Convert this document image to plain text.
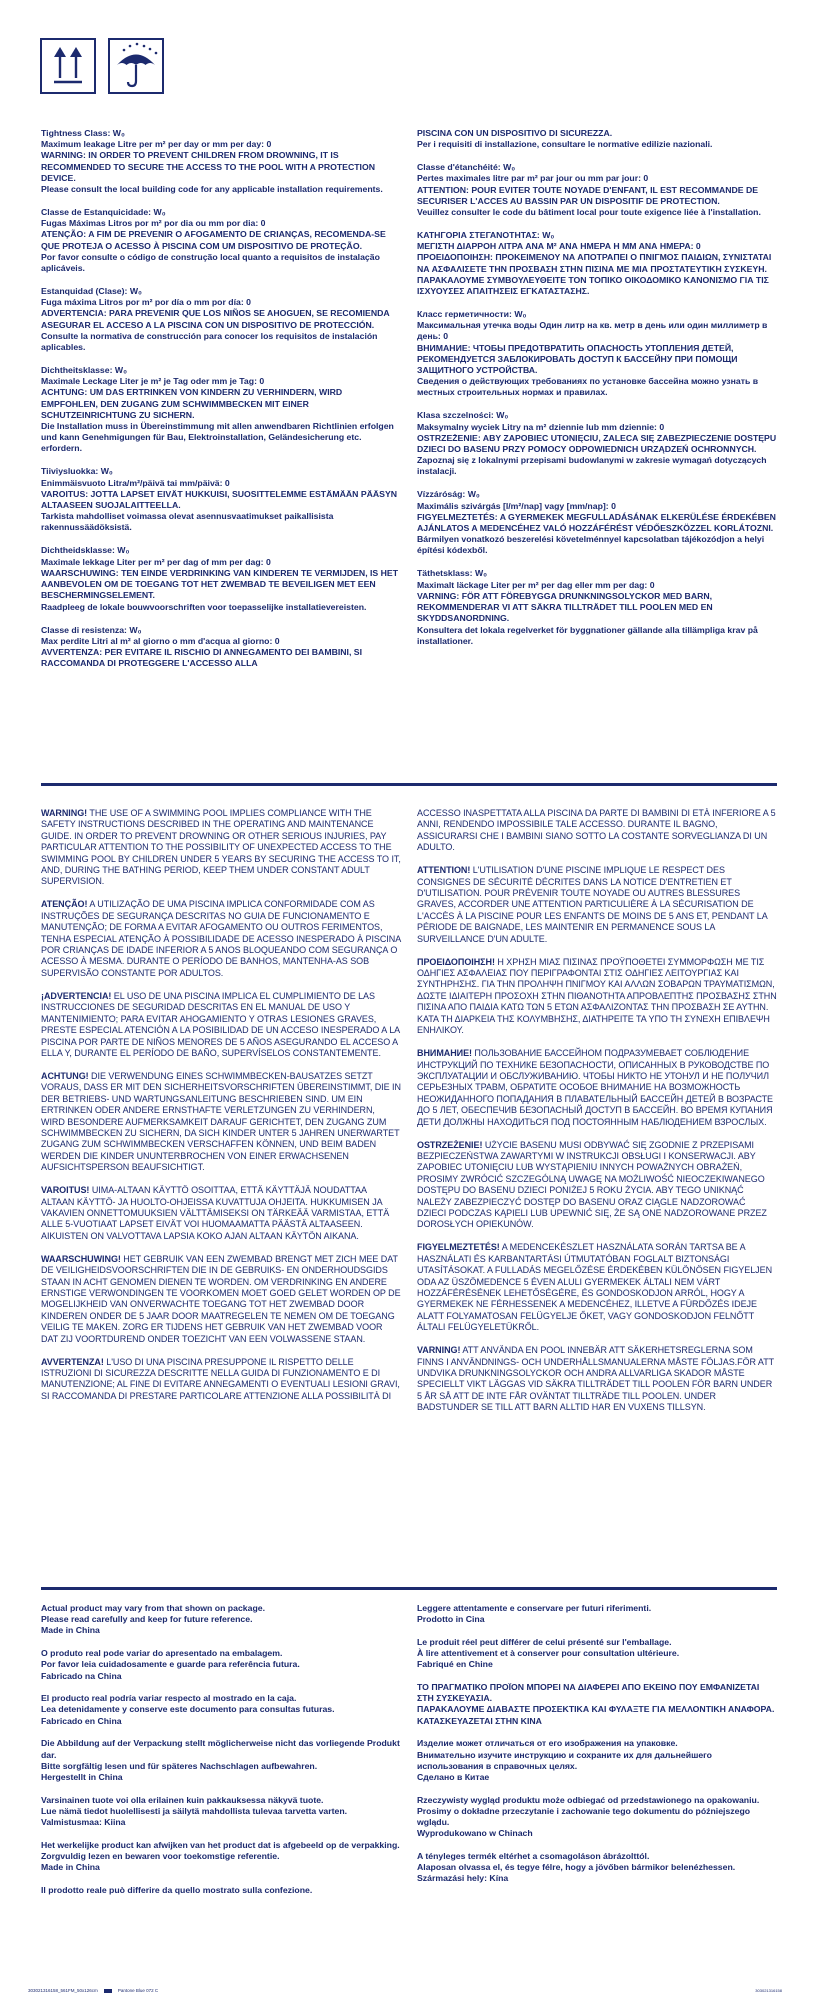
Tightness Class: W₀
Maximum leakage Litre per m² per day or mm per day: 0
WARNING: IN ORDER TO PREVENT CHILDREN FROM DROWNING, IT IS RECOMMENDED TO SECURE THE ACCESS TO THE POOL WITH A PROTECTION DEVICE.
Please consult the local building code for any applicable installation requirements.

Classe de Estanquicidade: W₀
Fugas Máximas Litros por m² por dia ou mm por dia: 0
ATENÇÃO: A FIM DE PREVENIR O AFOGAMENTO DE CRIANÇAS, RECOMENDA-SE QUE PROTEJA O ACESSO À PISCINA COM UM DISPOSITIVO DE PROTEÇÃO.
Por favor consulte o código de construção local quanto a requisitos de instalação aplicáveis.

Estanquidad (Clase): W₀
Fuga máxima Litros por m² por día o mm por día: 0
ADVERTENCIA: PARA PREVENIR QUE LOS NIÑOS SE AHOGUEN, SE RECOMIENDA ASEGURAR EL ACCESO A LA PISCINA CON UN DISPOSITIVO DE PROTECCIÓN.
Consulte la normativa de construcción para conocer los requisitos de instalación aplicables.

Dichtheitsklasse: W₀
Maximale Leckage Liter je m² je Tag oder mm je Tag: 0
ACHTUNG: UM DAS ERTRINKEN VON KINDERN ZU VERHINDERN, WIRD EMPFOHLEN, DEN ZUGANG ZUM SCHWIMMBECKEN MIT EINER SCHUTZEINRICHTUNG ZU SICHERN.
Die Installation muss in Übereinstimmung mit allen anwendbaren Richtlinien erfolgen und kann Genehmigungen für Bau, Elektroinstallation, Geländesicherung etc. erfordern.

Tiiviysluokka: W₀
Enimmäisvuoto Litra/m²/päivä tai mm/päivä: 0
VAROITUS: JOTTA LAPSET EIVÄT HUKKUISI, SUOSITTELEMME ESTÄMÄÄN PÄÄSYN ALTAASEEN SUOJALAITTEELLA.
Tarkista mahdolliset voimassa olevat asennusvaatimukset paikallisista rakennussäädöksistä.

Dichtheidsklasse: W₀
Maximale lekkage Liter per m² per dag of mm per dag: 0
WAARSCHUWING: TEN EINDE VERDRINKING VAN KINDEREN TE VERMIJDEN, IS HET AANBEVOLEN OM DE TOEGANG TOT HET ZWEMBAD TE BEVEILIGEN MET EEN BESCHERMINGSELEMENT.
Raadpleeg de lokale bouwvoorschriften voor toepasselijke installatievereisten.

Classe di resistenza: W₀
Max perdite Litri al m² al giorno o mm d'acqua al giorno: 0
AVVERTENZA: PER EVITARE IL RISCHIO DI ANNEGAMENTO DEI BAMBINI, SI RACCOMANDA DI PROTEGGERE L'ACCESSO ALLA

PISCINA CON UN DISPOSITIVO DI SICUREZZA.
Per i requisiti di installazione, consultare le normative edilizie nazionali.

Classe d'étanchéité: W₀
Pertes maximales litre par m² par jour ou mm par jour: 0
ATTENTION: POUR EVITER TOUTE NOYADE D'ENFANT, IL EST RECOMMANDE DE SECURISER L'ACCES AU BASSIN PAR UN DISPOSITIF DE PROTECTION.
Veuillez consulter le code du bâtiment local pour toute exigence liée à l'installation.

ΚΑΤΗΓΟΡΙΑ ΣΤΕΓΑΝΟΤΗΤΑΣ: W₀
ΜΕΓΙΣΤΗ ΔΙΑΡΡΟΗ ΛΙΤΡΑ ΑΝΑ M² ΑΝΑ ΗΜΕΡΑ Η ΜΜ ΑΝΑ ΗΜΕΡΑ: 0
ΠΡΟΕΙΔΟΠΟΙΗΣΗ: ΠΡΟΚΕΙΜΕΝΟΥ ΝΑ ΑΠΟΤΡΑΠΕΙ Ο ΠΝΙΓΜΟΣ ΠΑΙΔΙΩΝ, ΣΥΝΙΣΤΑΤΑΙ ΝΑ ΑΣΦΑΛΙΣΕΤΕ ΤΗΝ ΠΡΟΣΒΑΣΗ ΣΤΗΝ ΠΙΣΙΝΑ ΜΕ ΜΙΑ ΠΡΟΣΤΑΤΕΥΤΙΚΗ ΣΥΣΚΕΥΗ.
ΠΑΡΑΚΑΛΟΥΜΕ ΣΥΜΒΟΥΛΕΥΘΕΙΤΕ ΤΟΝ ΤΟΠΙΚΟ ΟΙΚΟΔΟΜΙΚΟ ΚΑΝΟΝΙΣΜΟ ΓΙΑ ΤΙΣ ΙΣΧΥΟΥΣΕΣ ΑΠΑΙΤΗΣΕΙΣ ΕΓΚΑΤΑΣΤΑΣΗΣ.

Класс герметичности: W₀
Максимальная утечка воды Один литр на кв. метр в день или один миллиметр в день: 0
ВНИМАНИЕ: ЧТОБЫ ПРЕДОТВРАТИТЬ ОПАСНОСТЬ УТОПЛЕНИЯ ДЕТЕЙ, РЕКОМЕНДУЕТСЯ ЗАБЛОКИРОВАТЬ ДОСТУП К БАССЕЙНУ ПРИ ПОМОЩИ ЗАЩИТНОГО УСТРОЙСТВА.
Сведения о действующих требованиях по установке бассейна можно узнать в местных строительных нормах и правилах.

Klasa szczelności: W₀
Maksymalny wyciek Litry na m² dziennie lub mm dziennie: 0
OSTRZEŻENIE: ABY ZAPOBIEC UTONIĘCIU, ZALECA SIĘ ZABEZPIECZENIE DOSTĘPU DZIECI DO BASENU PRZY POMOCY ODPOWIEDNICH URZĄDZEŃ OCHRONNYCH.
Zapoznaj się z lokalnymi przepisami budowlanymi w zakresie wymagań dotyczących instalacji.

Vízzáróság: W₀
Maximális szivárgás [l/m²/nap] vagy [mm/nap]: 0
FIGYELMEZTETÉS: A GYERMEKEK MEGFULLADÁSÁNAK ELKERÜLÉSE ÉRDEKÉBEN AJÁNLATOS A MEDENCÉHEZ VALÓ HOZZÁFÉRÉST VÉDŐESZKÖZZEL KORLÁTOZNI.
Bármilyen vonatkozó beszerelési követelménnyel kapcsolatban tájékozódjon a helyi építési kódexből.

Täthetsklass: W₀
Maximalt läckage Liter per m² per dag eller mm per dag: 0
VARNING: FÖR ATT FÖREBYGGA DRUNKNINGSOLYCKOR MED BARN, REKOMMENDERAR VI ATT SÄKRA TILLTRÄDET TILL POOLEN MED EN SKYDDSANORDNING.
Konsultera det lokala regelverket för byggnationer gällande alla tillämpliga krav på installationer.

WARNING! THE USE OF A SWIMMING POOL IMPLIES COMPLIANCE WITH THE SAFETY INSTRUCTIONS DESCRIBED IN THE OPERATING AND MAINTENANCE GUIDE. IN ORDER TO PREVENT DROWNING OR OTHER SERIOUS INJURIES, PAY PARTICULAR ATTENTION TO THE POSSIBILITY OF UNEXPECTED ACCESS TO THE SWIMMING POOL BY CHILDREN UNDER 5 YEARS BY SECURING THE ACCESS TO IT, AND, DURING THE BATHING PERIOD, KEEP THEM UNDER CONSTANT ADULT SUPERVISION.

ATENÇÃO! A UTILIZAÇÃO DE UMA PISCINA IMPLICA CONFORMIDADE COM AS INSTRUÇÕES DE SEGURANÇA DESCRITAS NO GUIA DE FUNCIONAMENTO E MANUTENÇÃO; DE FORMA A EVITAR AFOGAMENTO OU OUTROS FERIMENTOS, TENHA ESPECIAL ATENÇÃO À POSSIBILIDADE DE ACESSO INESPERADO À PISCINA POR CRIANÇAS DE IDADE INFERIOR A 5 ANOS BLOQUEANDO COM SEGURANÇA O ACESSO À MESMA. DURANTE O PERÍODO DE BANHOS, MANTENHA-AS SOB SUPERVISÃO CONSTANTE POR ADULTOS.

¡ADVERTENCIA! EL USO DE UNA PISCINA IMPLICA EL CUMPLIMIENTO DE LAS INSTRUCCIONES DE SEGURIDAD DESCRITAS EN EL MANUAL DE USO Y MANTENIMIENTO; PARA EVITAR AHOGAMIENTO Y OTRAS LESIONES GRAVES, PRESTE ESPECIAL ATENCIÓN A LA POSIBILIDAD DE UN ACCESO INESPERADO A LA PISCINA POR PARTE DE NIÑOS MENORES DE 5 AÑOS ASEGURANDO EL ACCESO A ELLA Y, DURANTE EL PERÍODO DE BAÑO, SUPERVÍSELOS CONSTANTEMENTE.

ACHTUNG! DIE VERWENDUNG EINES SCHWIMMBECKEN-BAUSATZES SETZT VORAUS, DASS ER MIT DEN SICHERHEITSVORSCHRIFTEN ÜBEREINSTIMMT, DIE IN DER BETRIEBS- UND WARTUNGSANLEITUNG BESCHRIEBEN SIND. UM EIN ERTRINKEN ODER ANDERE ERNSTHAFTE VERLETZUNGEN ZU VERHINDERN, WIRD BESONDERE AUFMERKSAMKEIT DARAUF GERICHTET, DEN ZUGANG ZUM SCHWIMMBECKEN ZU SICHERN, DA SICH KINDER UNTER 5 JAHREN UNERWARTET ZUGANG ZUM SCHWIMMBECKEN VERSCHAFFEN KÖNNEN, UND BEIM BADEN WERDEN DIE KINDER UNUNTERBROCHEN VON EINER ERWACHSENEN AUFSICHTSPERSON BEAUFSICHTIGT.

VAROITUS! UIMA-ALTAAN KÄYTTÖ OSOITTAA, ETTÄ KÄYTTÄJÄ NOUDATTAA ALTAAN KÄYTTÖ- JA HUOLTO-OHJEISSA KUVATTUJA OHJEITA. HUKKUMISEN JA VAKAVIEN ONNETTOMUUKSIEN VÄLTTÄMISEKSI ON TÄRKEÄÄ VARMISTAA, ETTÄ ALLE 5-VUOTIAAT LAPSET EIVÄT VOI HUOMAAMATTA PÄÄSTÄ ALTAASEEN. AIKUISTEN ON VALVOTTAVA LAPSIA KOKO AJAN ALTAAN KÄYTÖN AIKANA.

WAARSCHUWING! HET GEBRUIK VAN EEN ZWEMBAD BRENGT MET ZICH MEE DAT DE VEILIGHEIDSVOORSCHRIFTEN DIE IN DE GEBRUIKS- EN ONDERHOUDSGIDS STAAN IN ACHT GENOMEN DIENEN TE WORDEN. OM VERDRINKING EN ANDERE ERNSTIGE VERWONDINGEN TE VOORKOMEN MOET GOED GELET WORDEN OP DE MOGELIJKHEID VAN ONVERWACHTE TOEGANG TOT HET ZWEMBAD DOOR KINDEREN ONDER DE 5 JAAR DOOR MAATREGELEN TE NEMEN OM DE TOEGANG VEILIG TE MAKEN. ZORG ER TIJDENS HET GEBRUIK VAN HET ZWEMBAD VOOR DAT ZIJ VOORTDUREND ONDER TOEZICHT VAN EEN VOLWASSENE STAAN.

AVVERTENZA! L'USO DI UNA PISCINA PRESUPPONE IL RISPETTO DELLE ISTRUZIONI DI SICUREZZA DESCRITTE NELLA GUIDA DI FUNZIONAMENTO E DI MANUTENZIONE; AL FINE DI EVITARE ANNEGAMENTI O EVENTUALI LESIONI GRAVI, SI RACCOMANDA DI PRESTARE PARTICOLARE ATTENZIONE ALLA POSSIBILITÀ DI

ACCESSO INASPETTATA ALLA PISCINA DA PARTE DI BAMBINI DI ETÀ INFERIORE A 5 ANNI, RENDENDO IMPOSSIBILE TALE ACCESSO. DURANTE IL BAGNO, ASSICURARSI CHE I BAMBINI SIANO SOTTO LA COSTANTE SORVEGLIANZA DI UN ADULTO.

ATTENTION! L'UTILISATION D'UNE PISCINE IMPLIQUE LE RESPECT DES CONSIGNES DE SÉCURITÉ DÉCRITES DANS LA NOTICE D'ENTRETIEN ET D'UTILISATION. POUR PRÉVENIR TOUTE NOYADE OU AUTRES BLESSURES GRAVES, ACCORDER UNE ATTENTION PARTICULIÈRE À LA SÉCURISATION DE L'ACCÈS À LA PISCINE POUR LES ENFANTS DE MOINS DE 5 ANS ET, PENDANT LA PÉRIODE DE BAIGNADE, LES MAINTENIR EN PERMANENCE SOUS LA SURVEILLANCE D'UN ADULTE.

ΠΡΟΕΙΔΟΠΟΙΗΣΗ! Η ΧΡΗΣΗ ΜΙΑΣ ΠΙΣΙΝΑΣ ΠΡΟΫΠΟΘΕΤΕΙ ΣΥΜΜΟΡΦΩΣΗ ΜΕ ΤΙΣ ΟΔΗΓΙΕΣ ΑΣΦΑΛΕΙΑΣ ΠΟΥ ΠΕΡΙΓΡΑΦΟΝΤΑΙ ΣΤΙΣ ΟΔΗΓΙΕΣ ΛΕΙΤΟΥΡΓΙΑΣ ΚΑΙ ΣΥΝΤΗΡΗΣΗΣ. ΓΙΑ ΤΗΝ ΠΡΟΛΗΨΗ ΠΝΙΓΜΟΥ ΚΑΙ ΑΛΛΩΝ ΣΟΒΑΡΩΝ ΤΡΑΥΜΑΤΙΣΜΩΝ, ΔΩΣΤΕ ΙΔΙΑΙΤΕΡΗ ΠΡΟΣΟΧΗ ΣΤΗΝ ΠΙΘΑΝΟΤΗΤΑ ΑΠΡΟΒΛΕΠΤΗΣ ΠΡΟΣΒΑΣΗΣ ΣΤΗΝ ΠΙΣΙΝΑ ΑΠΟ ΠΑΙΔΙΑ ΚΑΤΩ ΤΩΝ 5 ΕΤΩΝ ΑΣΦΑΛΙΖΟΝΤΑΣ ΤΗΝ ΠΡΟΣΒΑΣΗ ΣΕ ΑΥΤΗΝ. ΚΑΤΑ ΤΗ ΔΙΑΡΚΕΙΑ ΤΗΣ ΚΟΛΥΜΒΗΣΗΣ, ΔΙΑΤΗΡΕΙΤΕ ΤΑ ΥΠΟ ΤΗ ΣΥΝΕΧΗ ΕΠΙΒΛΕΨΗ ΕΝΗΛΙΚΟΥ.

ВНИМАНИЕ! ПОЛЬЗОВАНИЕ БАССЕЙНОМ ПОДРАЗУМЕВАЕТ СОБЛЮДЕНИЕ ИНСТРУКЦИЙ ПО ТЕХНИКЕ БЕЗОПАСНОСТИ, ОПИСАННЫХ В РУКОВОДСТВЕ ПО ЭКСПЛУАТАЦИИ И ОБСЛУЖИВАНИЮ. ЧТОБЫ НИКТО НЕ УТОНУЛ И НЕ ПОЛУЧИЛ СЕРЬЕЗНЫХ ТРАВМ, ОБРАТИТЕ ОСОБОЕ ВНИМАНИЕ НА ВОЗМОЖНОСТЬ НЕОЖИДАННОГО ПОПАДАНИЯ В ПЛАВАТЕЛЬНЫЙ БАССЕЙН ДЕТЕЙ В ВОЗРАСТЕ ДО 5 ЛЕТ, ОБЕСПЕЧИВ БЕЗОПАСНЫЙ ДОСТУП В БАССЕЙН. ВО ВРЕМЯ КУПАНИЯ ДЕТИ ДОЛЖНЫ НАХОДИТЬСЯ ПОД ПОСТОЯННЫМ НАБЛЮДЕНИЕМ ВЗРОСЛЫХ.

OSTRZEŻENIE! UŻYCIE BASENU MUSI ODBYWAĆ SIĘ ZGODNIE Z PRZEPISAMI BEZPIECZEŃSTWA ZAWARTYMI W INSTRUKCJI OBSŁUGI I KONSERWACJI. ABY ZAPOBIEC UTONIĘCIU LUB WYSTĄPIENIU INNYCH POWAŻNYCH OBRAŻEŃ, PROSIMY ZWRÓCIĆ SZCZEGÓLNĄ UWAGĘ NA MOŻLIWOŚĆ NIEOCZEKIWANEGO DOSTĘPU DO BASENU DZIECI PONIŻEJ 5 ROKU ŻYCIA. ABY TEGO UNIKNĄĆ NALEŻY ZABEZPIECZYĆ DOSTĘP DO BASENU ORAZ CIĄGLE NADZOROWAĆ DZIECI PODCZAS KĄPIELI LUB UPEWNIĆ SIĘ, ŻE SĄ ONE NADZOROWANE PRZEZ DOROSŁYCH OPIEKUNÓW.

FIGYELMEZTETÉS! A MEDENCEKÉSZLET HASZNÁLATA SORÁN TARTSA BE A HASZNÁLATI ÉS KARBANTARTÁSI ÚTMUTATÓBAN FOGLALT BIZTONSÁGI UTASÍTÁSOKAT. A FULLADÁS MEGELŐZÉSE ÉRDEKÉBEN KÜLÖNÖSEN FIGYELJEN ODA AZ ÜSZÖMEDENCE 5 ÉVEN ALULI GYERMEKEK ÁLTALI NEM VÁRT HOZZÁFÉRÉSÉNEK LEHETŐSÉGÉRE, ÉS GONDOSKODJON ARRÓL, HOGY A GYERMEKEK NE FÉRHESSENEK A MEDENCÉHEZ, ILLETVE A FÜRDŐZÉS IDEJE ALATT FOLYAMATOSAN FELÜGYELJE ŐKET, VAGY GONDOSKODJON FELNŐTT ÁLTALI FELÜGYELETÜKRŐL.

VARNING! ATT ANVÄNDA EN POOL INNEBÄR ATT SÄKERHETSREGLERNA SOM FINNS I ANVÄNDNINGS- OCH UNDERHÅLLSMANUALERNA MÅSTE FÖLJAS.FÖR ATT UNDVIKA DRUNKNINGSOLYCKOR OCH ANDRA ALLVARLIGA SKADOR MÅSTE SPECIELLT VIKT LÄGGAS VID SÄKRA TILLTRÄDET TILL POOLEN FÖR BARN UNDER 5 ÅR SÅ ATT DE INTE FÅR OVÄNTAT TILLTRÄDE TILL POOLEN. UNDER BADSTUNDER SE TILL ATT BARN ALLTID HAR EN VUXENS TILLSYN.

Actual product may vary from that shown on package.
Please read carefully and keep for future reference.
Made in China

O produto real pode variar do apresentado na embalagem.
Por favor leia cuidadosamente e guarde para referência futura.
Fabricado na China

El producto real podría variar respecto al mostrado en la caja.
Lea detenidamente y conserve este documento para consultas futuras.
Fabricado en China

Die Abbildung auf der Verpackung stellt möglicherweise nicht das vorliegende Produkt dar.
Bitte sorgfältig lesen und für späteres Nachschlagen aufbewahren.
Hergestellt in China

Varsinainen tuote voi olla erilainen kuin pakkauksessa näkyvä tuote.
Lue nämä tiedot huolellisesti ja säilytä mahdollista tulevaa tarvetta varten.
Valmistusmaa: Kiina

Het werkelijke product kan afwijken van het product dat is afgebeeld op de verpakking.
Zorgvuldig lezen en bewaren voor toekomstige referentie.
Made in China

Il prodotto reale può differire da quello mostrato sulla confezione.

Leggere attentamente e conservare per futuri riferimenti.
Prodotto in Cina

Le produit réel peut différer de celui présenté sur l'emballage.
À lire attentivement et à conserver pour consultation ultérieure.
Fabriqué en Chine

ΤΟ ΠΡΑΓΜΑΤΙΚΟ ΠΡΟΪΟΝ ΜΠΟΡΕΙ ΝΑ ΔΙΑΦΕΡΕΙ ΑΠΟ ΕΚΕΙΝΟ ΠΟΥ ΕΜΦΑΝΙΖΕΤΑΙ ΣΤΗ ΣΥΣΚΕΥΑΣΙΑ.
ΠΑΡΑΚΑΛΟΥΜΕ ΔΙΑΒΑΣΤΕ ΠΡΟΣΕΚΤΙΚΑ ΚΑΙ ΦΥΛΑΞΤΕ ΓΙΑ ΜΕΛΛΟΝΤΙΚΗ ΑΝΑΦΟΡΑ.
ΚΑΤΑΣΚΕΥΑΖΕΤΑΙ ΣΤΗΝ ΚΙΝΑ

Изделие может отличаться от его изображения на упаковке.
Внимательно изучите инструкцию и сохраните их для дальнейшего использования в справочных целях.
Сделано в Китае

Rzeczywisty wygląd produktu może odbiegać od przedstawionego na opakowaniu.
Prosimy o dokładne przeczytanie i zachowanie tego dokumentu do późniejszego wglądu.
Wyprodukowano w Chinach

A tényleges termék eltérhet a csomagoláson ábrázolttól.
Alaposan olvassa el, és tegye félre, hogy a jövőben bármikor belenézhessen.
Származási hely: Kína

303021316158_561FM_50x126cm	Pantone Blue 072 C	303021316158
